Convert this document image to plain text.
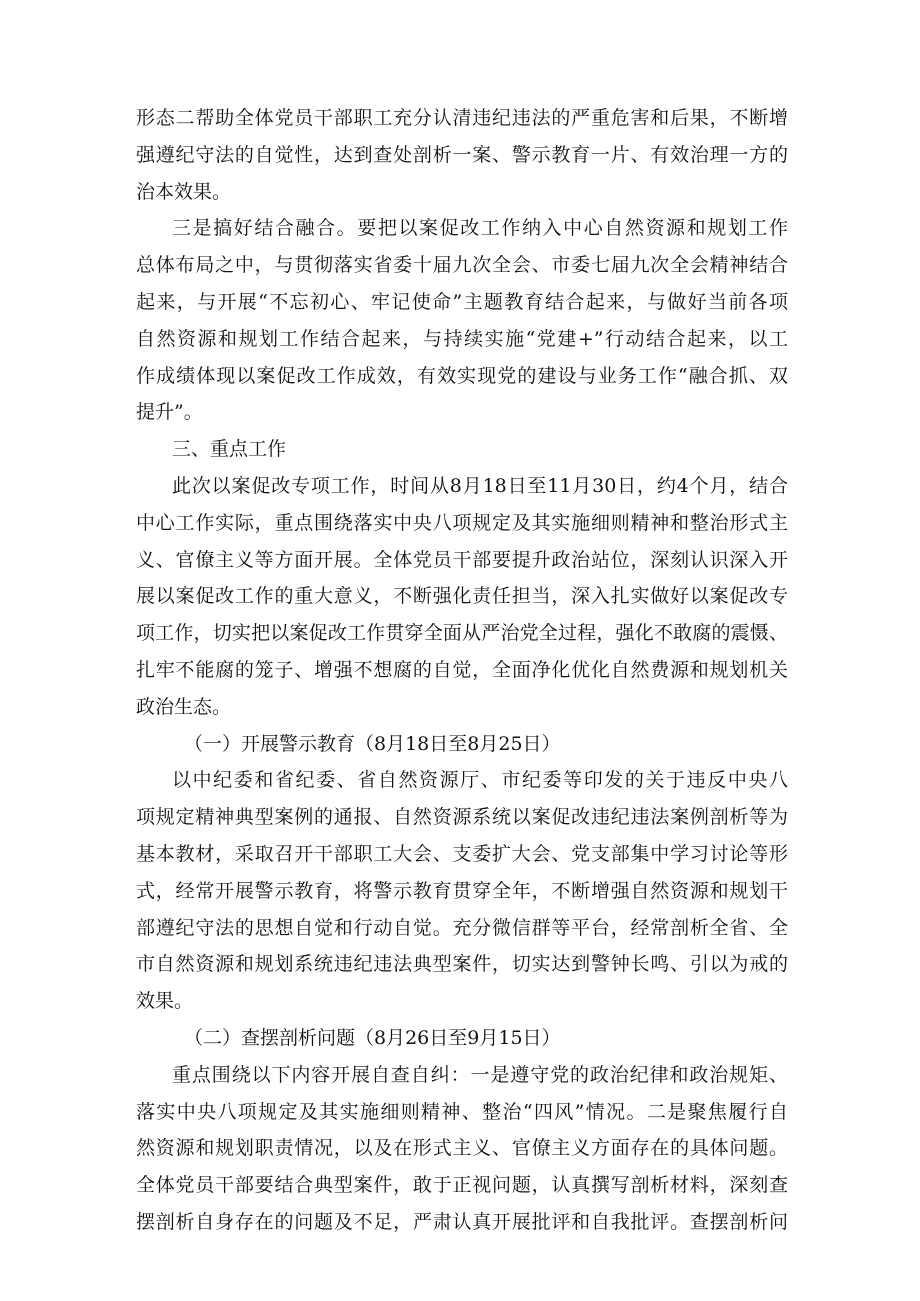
形态二帮助全体党员干部职工充分认清违纪违法的严重危害和后果，不断增
强遵纪守法的自觉性，达到查处剖析一案、警示教育一片、有效治理一方的
治本效果。
三是搞好结合融合。要把以案促改工作纳入中心自然资源和规划工作
总体布局之中，与贯彻落实省委十届九次全会、市委七届九次全会精神结合
起来，与开展“不忘初心、牢记使命”主题教育结合起来，与做好当前各项
自然资源和规划工作结合起来，与持续实施“党建+”行动结合起来，以工
作成绩体现以案促改工作成效，有效实现党的建设与业务工作“融合抓、双
提升”。
三、重点工作
此次以案促改专项工作，时间从8月18日至11月30日，约4个月，结合
中心工作实际，重点围绕落实中央八项规定及其实施细则精神和整治形式主
义、官僚主义等方面开展。全体党员干部要提升政治站位，深刻认识深入开
展以案促改工作的重大意义，不断强化责任担当，深入扎实做好以案促改专
项工作，切实把以案促改工作贯穿全面从严治党全过程，强化不敢腐的震慑、
扎牢不能腐的笼子、增强不想腐的自觉，全面净化优化自然费源和规划机关
政治生态。
（一）开展警示教育（8月18日至8月25日）
以中纪委和省纪委、省自然资源厅、市纪委等印发的关于违反中央八
项规定精神典型案例的通报、自然资源系统以案促改违纪违法案例剖析等为
基本教材，采取召开干部职工大会、支委扩大会、党支部集中学习讨论等形
式，经常开展警示教育，将警示教育贯穿全年，不断增强自然资源和规划干
部遵纪守法的思想自觉和行动自觉。充分微信群等平台，经常剖析全省、全
市自然资源和规划系统违纪违法典型案件，切实达到警钟长鸣、引以为戒的
效果。
（二）查摆剖析问题（8月26日至9月15日）
重点围绕以下内容开展自查自纠：一是遵守党的政治纪律和政治规矩、
落实中央八项规定及其实施细则精神、整治“四风”情况。二是聚焦履行自
然资源和规划职责情况，以及在形式主义、官僚主义方面存在的具体问题。
全体党员干部要结合典型案件，敢于正视问题，认真撰写剖析材料，深刻查
摆剖析自身存在的问题及不足，严肃认真开展批评和自我批评。查摆剖析问
